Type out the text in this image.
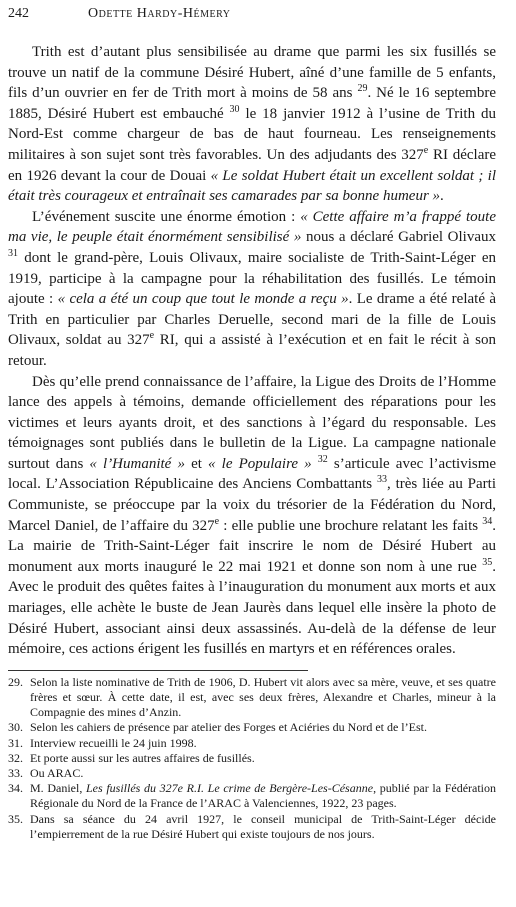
242	Odette Hardy-Hémery

Trith est d’autant plus sensibilisée au drame que parmi les six fusillés se trouve un natif de la commune Désiré Hubert, aîné d’une famille de 5 enfants, fils d’un ouvrier en fer de Trith mort à moins de 58 ans $^{29}$. Né le 16 septembre 1885, Désiré Hubert est embauché $^{30}$ le 18 janvier 1912 à l’usine de Trith du Nord-Est comme chargeur de bas de haut fourneau. Les renseignements militaires à son sujet sont très favorables. Un des adjudants des 327e RI déclare en 1926 devant la cour de Douai « Le soldat Hubert était un excellent soldat ; il était très courageux et entraînait ses camarades par sa bonne humeur ».

L’événement suscite une énorme émotion : « Cette affaire m’a frappé toute ma vie, le peuple était énormément sensibilisé » nous a déclaré Gabriel Olivaux $^{31}$ dont le grand-père, Louis Olivaux, maire socialiste de Trith-Saint-Léger en 1919, participe à la campagne pour la réhabilitation des fusillés. Le témoin ajoute : « cela a été un coup que tout le monde a reçu ». Le drame a été relaté à Trith en particulier par Charles Deruelle, second mari de la fille de Louis Olivaux, soldat au 327e RI, qui a assisté à l’exécution et en fait le récit à son retour.

Dès qu’elle prend connaissance de l’affaire, la Ligue des Droits de l’Homme lance des appels à témoins, demande officiellement des réparations pour les victimes et leurs ayants droit, et des sanctions à l’égard du responsable. Les témoignages sont publiés dans le bulletin de la Ligue. La campagne nationale surtout dans « l’Humanité » et « le Populaire » $^{32}$ s’articule avec l’activisme local. L’Association Républicaine des Anciens Combattants $^{33}$, très liée au Parti Communiste, se préoccupe par la voix du trésorier de la Fédération du Nord, Marcel Daniel, de l’affaire du 327e : elle publie une brochure relatant les faits $^{34}$. La mairie de Trith-Saint-Léger fait inscrire le nom de Désiré Hubert au monument aux morts inauguré le 22 mai 1921 et donne son nom à une rue $^{35}$. Avec le produit des quêtes faites à l’inauguration du monument aux morts et aux mariages, elle achète le buste de Jean Jaurès dans lequel elle insère la photo de Désiré Hubert, associant ainsi deux assassinés. Au-delà de la défense de leur mémoire, ces actions érigent les fusillés en martyrs et en références orales.

29. Selon la liste nominative de Trith de 1906, D. Hubert vit alors avec sa mère, veuve, et ses quatre frères et sœur. À cette date, il est, avec ses deux frères, Alexandre et Charles, mineur à la Compagnie des mines d’Anzin.
30. Selon les cahiers de présence par atelier des Forges et Aciéries du Nord et de l’Est.
31. Interview recueilli le 24 juin 1998.
32. Et porte aussi sur les autres affaires de fusillés.
33. Ou ARAC.
34. M. Daniel, Les fusillés du 327e R.I. Le crime de Bergère-Les-Césanne, publié par la Fédération Régionale du Nord de la France de l’ARAC à Valenciennes, 1922, 23 pages.
35. Dans sa séance du 24 avril 1927, le conseil municipal de Trith-Saint-Léger décide l’empierrement de la rue Désiré Hubert qui existe toujours de nos jours.
